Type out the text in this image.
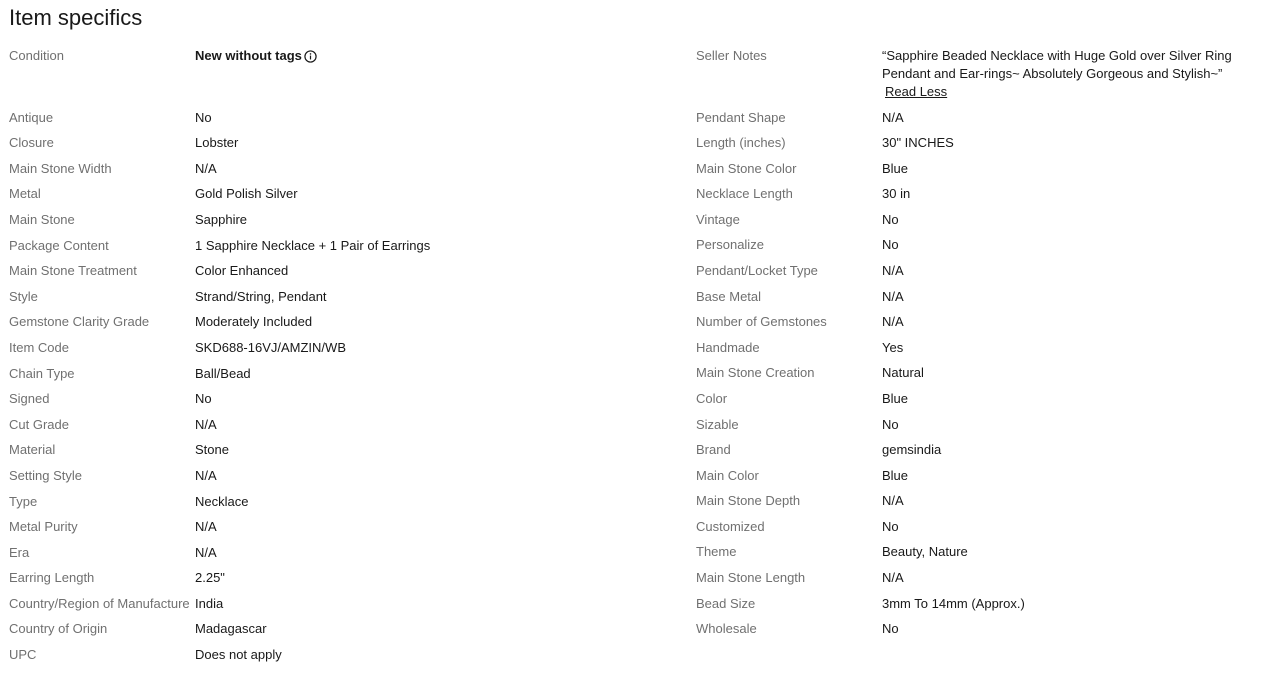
Item specifics
Condition	New without tags
Antique	No
Closure	Lobster
Main Stone Width	N/A
Metal	Gold Polish Silver
Main Stone	Sapphire
Package Content	1 Sapphire Necklace + 1 Pair of Earrings
Main Stone Treatment	Color Enhanced
Style	Strand/String, Pendant
Gemstone Clarity Grade	Moderately Included
Item Code	SKD688-16VJ/AMZIN/WB
Chain Type	Ball/Bead
Signed	No
Cut Grade	N/A
Material	Stone
Setting Style	N/A
Type	Necklace
Metal Purity	N/A
Era	N/A
Earring Length	2.25"
Country/Region of Manufacture India
Country of Origin	Madagascar
UPC	Does not apply
Seller Notes	“Sapphire Beaded Necklace with Huge Gold over Silver Ring Pendant and Ear-rings~ Absolutely Gorgeous and Stylish~”
Read Less
Pendant Shape	N/A
Length (inches)	30" INCHES
Main Stone Color	Blue
Necklace Length	30 in
Vintage	No
Personalize	No
Pendant/Locket Type	N/A
Base Metal	N/A
Number of Gemstones	N/A
Handmade	Yes
Main Stone Creation	Natural
Color	Blue
Sizable	No
Brand	gemsindia
Main Color	Blue
Main Stone Depth	N/A
Customized	No
Theme	Beauty, Nature
Main Stone Length	N/A
Bead Size	3mm To 14mm (Approx.)
Wholesale	No
